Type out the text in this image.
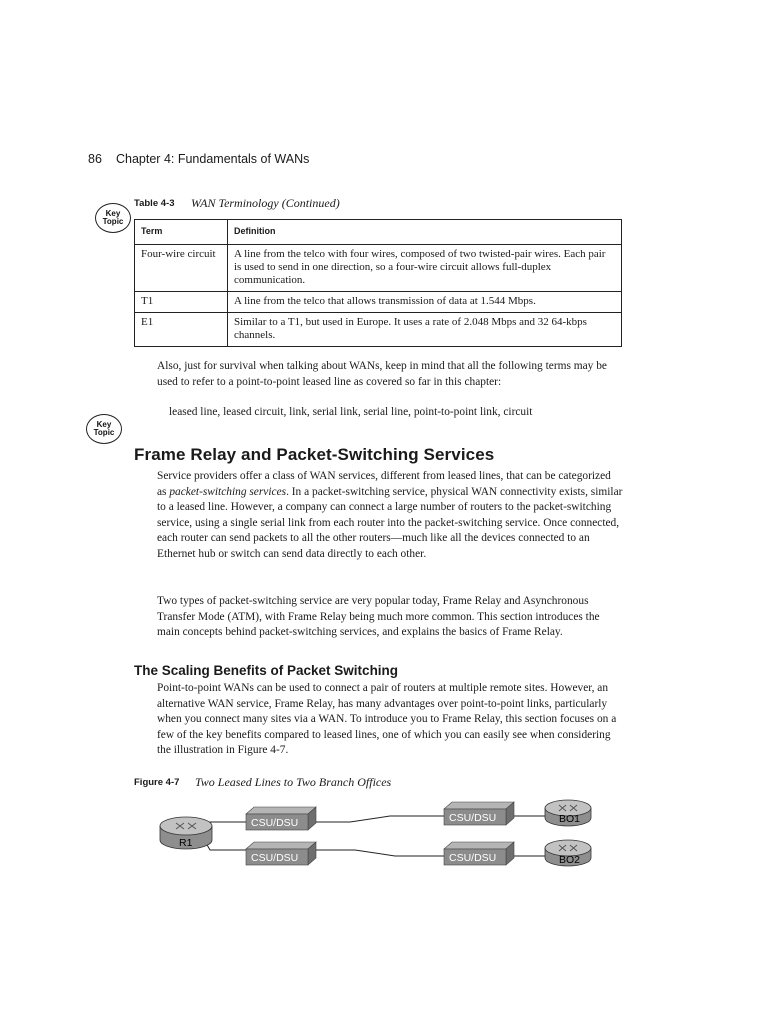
86 Chapter 4: Fundamentals of WANs
Key
Topic
Key
Topic
Table 4-3 WAN Terminology (Continued)
Term	Definition
Four-wire circuit	A line from the telco with four wires, composed of two twisted-pair wires. Each pair is used to send in one direction, so a four-wire circuit allows full-duplex communication.
T1	A line from the telco that allows transmission of data at 1.544 Mbps.
E1	Similar to a T1, but used in Europe. It uses a rate of 2.048 Mbps and 32 64-kbps channels.
Also, just for survival when talking about WANs, keep in mind that all the following terms may be used to refer to a point-to-point leased line as covered so far in this chapter:
leased line, leased circuit, link, serial link, serial line, point-to-point link, circuit
Frame Relay and Packet-Switching Services
Service providers offer a class of WAN services, different from leased lines, that can be categorized as packet-switching services. In a packet-switching service, physical WAN connectivity exists, similar to a leased line. However, a company can connect a large number of routers to the packet-switching service, using a single serial link from each router into the packet-switching service. Once connected, each router can send packets to all the other routers—much like all the devices connected to an Ethernet hub or switch can send data directly to each other.
Two types of packet-switching service are very popular today, Frame Relay and Asynchronous Transfer Mode (ATM), with Frame Relay being much more common. This section introduces the main concepts behind packet-switching services, and explains the basics of Frame Relay.
The Scaling Benefits of Packet Switching
Point-to-point WANs can be used to connect a pair of routers at multiple remote sites. However, an alternative WAN service, Frame Relay, has many advantages over point-to-point links, particularly when you connect many sites via a WAN. To introduce you to Frame Relay, this section focuses on a few of the key benefits compared to leased lines, one of which you can easily see when considering the illustration in Figure 4-7.
Figure 4-7 Two Leased Lines to Two Branch Offices
R1
CSU/DSU
CSU/DSU
CSU/DSU
CSU/DSU
BO1
BO2
